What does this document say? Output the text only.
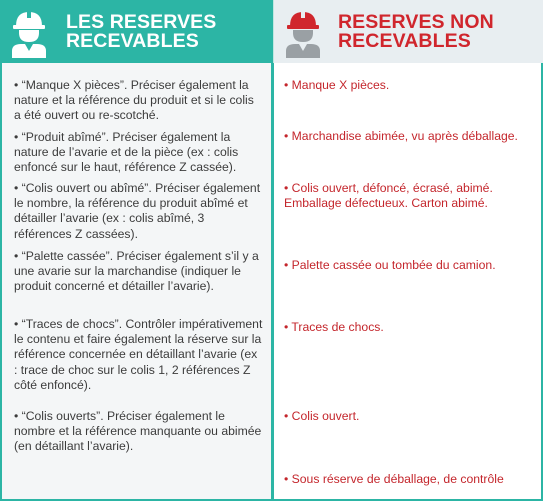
LES RESERVES
RECEVABLES
RESERVES NON
RECEVABLES

• “Manque X pièces”. Préciser également la nature et la référence du produit et si le colis a été ouvert ou re-scotché.

• “Produit abîmé”. Préciser également la nature de l’avarie et de la pièce (ex : colis enfoncé sur le haut, référence Z cassée).

• “Colis ouvert ou abîmé”. Préciser également le nombre, la référence du produit abîmé et détailler l’avarie (ex : colis abîmé, 3 références Z cassées).

• “Palette cassée”. Préciser également s’il y a une avarie sur la marchandise (indiquer le produit concerné et détailler l’avarie).

• “Traces de chocs”. Contrôler impérativement le contenu et faire également la réserve sur la référence concernée en détaillant l’avarie (ex : trace de choc sur le colis 1, 2 références Z côté enfoncé).

• “Colis ouverts”. Préciser également le nombre et la référence manquante ou abimée (en détaillant l’avarie).

• Manque X pièces.

• Marchandise abimée, vu après déballage.

• Colis ouvert, défoncé, écrasé, abimé. Emballage défectueux. Carton abimé.

• Palette cassée ou tombée du camion.

• Traces de chocs.

• Colis ouvert.

• Sous réserve de déballage, de contrôle
